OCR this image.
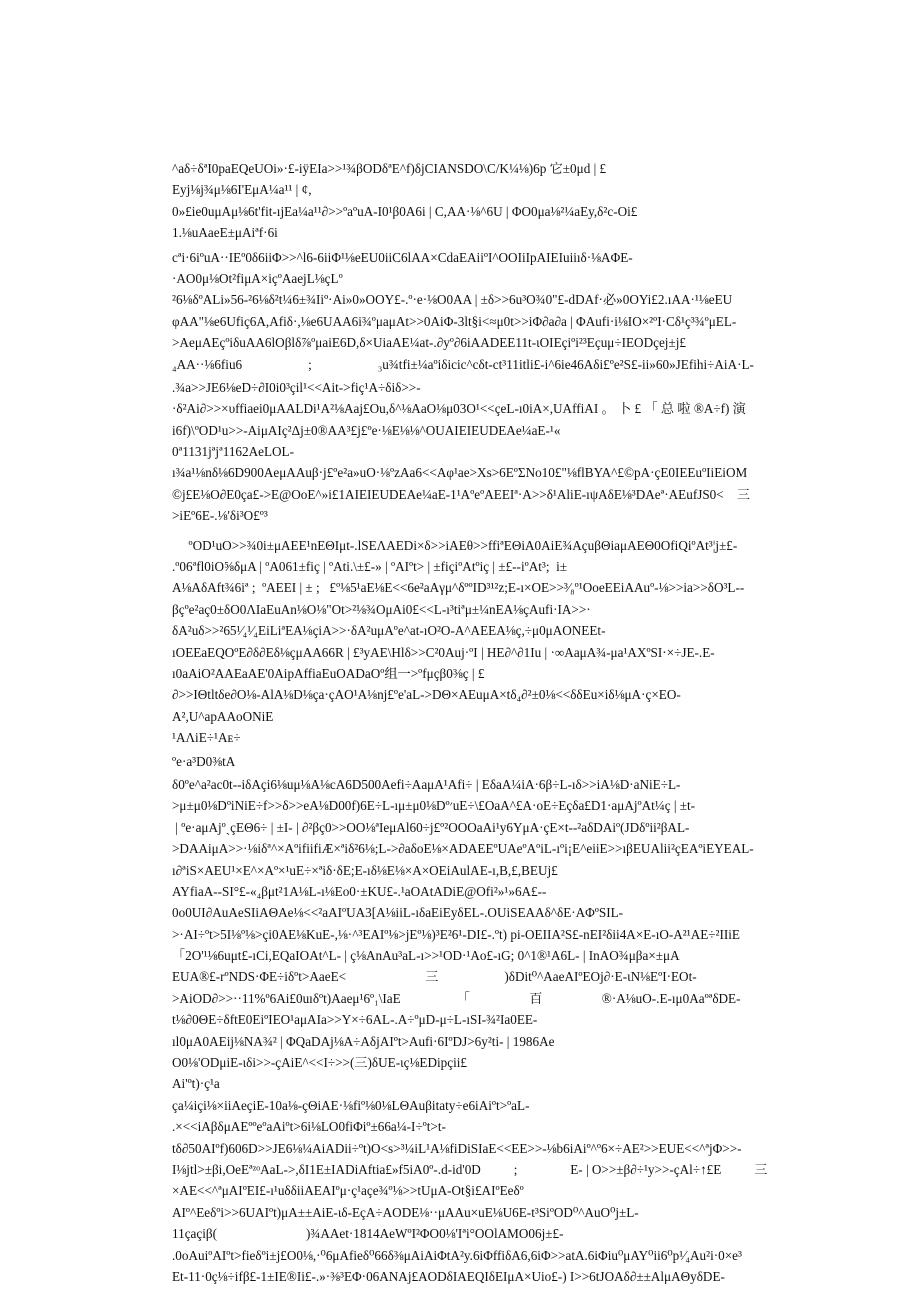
^aδ÷δªI0paEQeUOi»·£-iÿEIa>>¹¾βODδªE^f)δjCIANSDO\C/K¼⅛)6p 它±0μd | £
Eyj⅛j¾μ⅛6I'EμA¼a¹¹ | ¢,
0»£ie0uμAμ⅛6t'fit-ıjEa¼a¹¹∂>>ºaºuA-I0¹β0A6i | C,AA·⅛^6U | ΦO0μa⅛²¼aEy,δ²c-Oi£
1.⅛uAaeE±μAiªf·6i
cªi·6iºuA··IEº0δ6iiΦ>>^l6-6iiΦ¹⅛eEU0iiC6lAA×CdaEAiiºI^OOIiIpAIEIuiiıδ·⅛AΦE-
·AO0μ⅛Ot²fiμA×içºAaejL⅛çLº
²6⅛δºALi»56-²6⅛δ²t¼6±¾Iiº·Ai»0»OOY£-.º·e·⅛O0AA | ±δ>>6u³O¾0"£-dDAf·必»0OYi£2.ıAA·¹⅛eEU
φAA"⅛e6Ufiç6A,Afiδ·,⅛e6UAA6i¾ºμaμAt>>0AiΦ-3lt§i<≈μ0t>>iΦ∂a∂a | ΦAufi·i⅛IO×²ºI·Cδ¹ç³¾ºμEL-
>AeμAEçºiδuAA6lOβlδ⅞ºμaiE6D,δ×UiaAE¼at-.∂yº∂6iAADEE11t-ιOIEçiºi²³Eçuμ÷IEODçej±j£
₄AA··⅛6fiu6                    ;                    ₃u¾tfi±¼aºiδicic^cδt-ct³11itli£-i^6ie46Aδi£ºe²S£-ii»60»JEfihi÷AiA·L-
.¾a>>JE6⅛eD÷∂I0i0³çil¹<<Ait->fiç¹A÷δiδ>>-
·δ²Ai∂>>×υffiaei0μAALDi¹A²⅛Aaj£Ou,δ^⅛AaO⅛μ03O¹<<çeL-ı0iA×,UAffiAI 。 卜 £ 「 总 啦 ®A÷f) 演
i6f)\ºOD¹u>>-AiμAIç²Δj±0®AA³£j£ºe·⅛E⅛⅛^OUAIEIEUDEAe¼aE-¹«
0ª1131jªjª1162AeLOL-
ı¾a¹⅛nδ⅛6D900AeμAAuβ·j£ºe²a»uO·⅛ºzAa6<<Aφ¹ae>Xs>6EºΣNo10£"⅛flBYA^£©pA·çE0IEEuºIiEiOM
©j£E⅛O∂E0ça£->E@OoE^»i£1AIEIEUDEAe¼aE-1¹AºeºAEEIª·A>>δ¹AliE-ıψAδE⅛³DAeª·AEufJS0<    三
>iEº6E-.⅛'δi³O£º³
ºOD¹uO>>¾0i±μAEE¹nEΘIμt-.lSEΛAEDi×δ>>iAEθ>>ffiªEΘiA0AiE¾AçuβΘiaμAEΘ0OfiQiºAt³¦j±£-
.º06ªfl0iO⅝δμA | ºA061±fiç | ºAti.\±£-» | ºAIºt> | ±fiçiºAtºiç | ±£--iºAt³;  i±
A⅛AδAft¾6iª ;  ºAEEI | ± ;   £º⅛5¹aE⅛E<<6e²aAγμ^δººID³¹²z;E-ı×OE>>³⁄₈º¹OoeEEiAAuº-⅛>>ia>>δO³L--
βçºe²aç0±δO0ΛIaEuAn⅛O⅛"Ot>²⅛¾OμAi0£<<L-ı³tiªμ±¼nEA⅛çAufi·IA>>·
δA²uδ>>²65¹⁄₄¹⁄₄EiLiªEA⅛çiA>>·δA²uμAºe^at-ıO²O-A^AEEA⅛ç,÷μ0μAONEEt-
ıOEEaEQOºE∂δ∂Eδ⅛çμAA66R | £³yAE\Hlδ>>C²0Auj·ºI | HE∂^∂1Iu | ·∞AaμA¾-μa¹AXºSI·×÷JE-.E-
ı0aAiO²AAEaAE'0AipAffiaEuOADaOº组一>ºfμçβ0⅜ç | £
∂>>IΘtltδe∂O⅛-AlA⅛D⅛ça·çAO¹A⅛nj£ºe'aL->DΘ×AEuμA×tδ₄∂²±0⅛<<δδEu×iδ⅛μA·ç×EO-
A²,U^apAAoONiE
¹AΛiE÷¹Aᴇ÷
ºe·a³D0⅜tA
δ0ºe^a²ac0t--iδAçi6⅛uμ⅛A⅛cA6D500Aefi÷AaμA¹Afi÷ | EδaA¼iA·6β÷L-ıδ>>iA⅛D·aNiE÷L-
>μ±μ0⅛DºiNiE÷f>>δ>>eA⅛D00f)6E÷L-ıμ±μ0⅛Dº׳uE÷\£OaA^£A·oE÷Eçδa£D1·aμAjºAt¼ç | ±t-
| ºe·aμAjºˏçEΘ6÷ | ±I- | ∂²βç0>>OO⅛ªIeμAl60÷j£º²OOOaAi¹y6YμA·çE×t--²aδDAiº(JDδºii²βAL-
>DAAiμA>>·⅛iδª^×AºifiifiÆ×ªiδ²6⅛;L->∂aδoE⅛×ADAEEºUAeºAºiL-ıºi¡E^eiiE>>ıβEUAlii²çEAºiEYEAL-
ı∂ªiS×AEU¹×E^×Aº×¹uE÷×ªiδ·δE;E-ıδ⅛E⅛×A×OEiAulAE-ı,B,£,BEUj£
AYfiaA--SI°£-«₄βμt²1A⅛L-ı⅛Eo0·±KU£-.¹aOAtADiE@Ofi²»¹»6A£--
0o0UI∂AuAeSIiAΘAe⅛<<²aAIºUA3[A⅛iiL-ıδaEiEyδEL-.OUiSEAAδ^δE·AΦºSIL-
>·AI÷ºt>5I⅛º⅛>çi0AE⅛KuE-,⅛·^³EAIº⅛>jEº⅛)³E²6¹-DI£-.ºt) pi-OEIIA²S£-nEI²δii4A×E-ıO-A²¹AE÷²IIiE
「2O'¹⅛6uμt£-ıCi,EQaIOAt^L- | ç⅛AnAu³aL-ı>>¹OD·¹Ao£-ıG; 0^1®¹A6L- | InAO¾μβa×±μA
EUA®£-rºNDS·ΦE÷iδºt>AaeE<                        三                    )δDit⁰^AaeAIºEOj∂·E-ιN⅛EºI·EOt-
>AiOD∂>>··11%º6Ai£0uıδºt)Aaeμ¹6º₁\IaE                 「                  百                  ®·A⅛uO-.E-ıμ0AaºªδDE-
t⅛∂0ΘE÷δftE0EiºIEO¹aμAIa>>Y×÷6AL-.A÷ºμD-μ÷L-ıSI-¾²Ia0EE-
ıl0μA0AEij⅛NA¾² | ΦQaDAj⅛A÷AδjAIºt>Aufi·6IºDJ>6y²ti- | 1986Ae
O0⅛'ODμiE-ιδi>>-çAiE^<<I÷>>(三)δUE-ιç⅛EDipçii£
Ai'ºt)·ç¹a
ça¼içi⅛×iiAeçiE-10a⅛-çΘiAE·⅛fiº⅛0⅛LΘAuβitaty÷e6iAiºt>ºaL-
.×<<iAβδμAEººeºaAiºt>6i⅛LO0fiΦiº±66a¼-I÷ºt>t-
tδ∂50AIºf)606D>>JE6⅛¼AiADii÷ºt)O<s>³¼iL¹A⅛fiDiSIaE<<EE>>-⅛b6iAiº^º6×÷AE²>>EUE<<^ªjΦ>>-
I⅛jtl>±βi,OeEªᶻᵒAaL->,δI1E±IADiAftia£»f5iA0º-.d-id'0D          ;                E- | O>>±β∂÷¹y>>-çAl÷↑£E          三
×AE<<^ªμAIºEI£-ı¹uδδiiAEAIºμ·ç¹açe¾º⅛>>tUμA-Ot§i£AIºEeδº
AIº^Eeδºi>>6UAIºt)μA±±AiE-ιδ-EçA÷AODE⅛··μAAu×uE⅛U6E-t³SiºOD⁰^AuO⁰j±L-
11çaçiβ(                           )¾AAet·1814AeWºI²ΦO0⅛'Iªi°OOlAMO06j±£-
.0oAuiºAIºt>fieδºi±j£O0⅛,·⁰6μAfieδ⁰66δ⅜μAiAiΦtA²y.6iΦffiδA6,6iΦ>>atA.6iΦiu⁰μAY⁰ii6⁰p¹⁄₄Au²i·0×e³
Et-11·0ç⅛÷ifβ£-1±IE®Ii£-.»·⅜³EΦ·06ANAj£AODδIAEQIδEIμA×Uio£-) I>>6tJOAδ∂±±AlμAΘyδDE-
